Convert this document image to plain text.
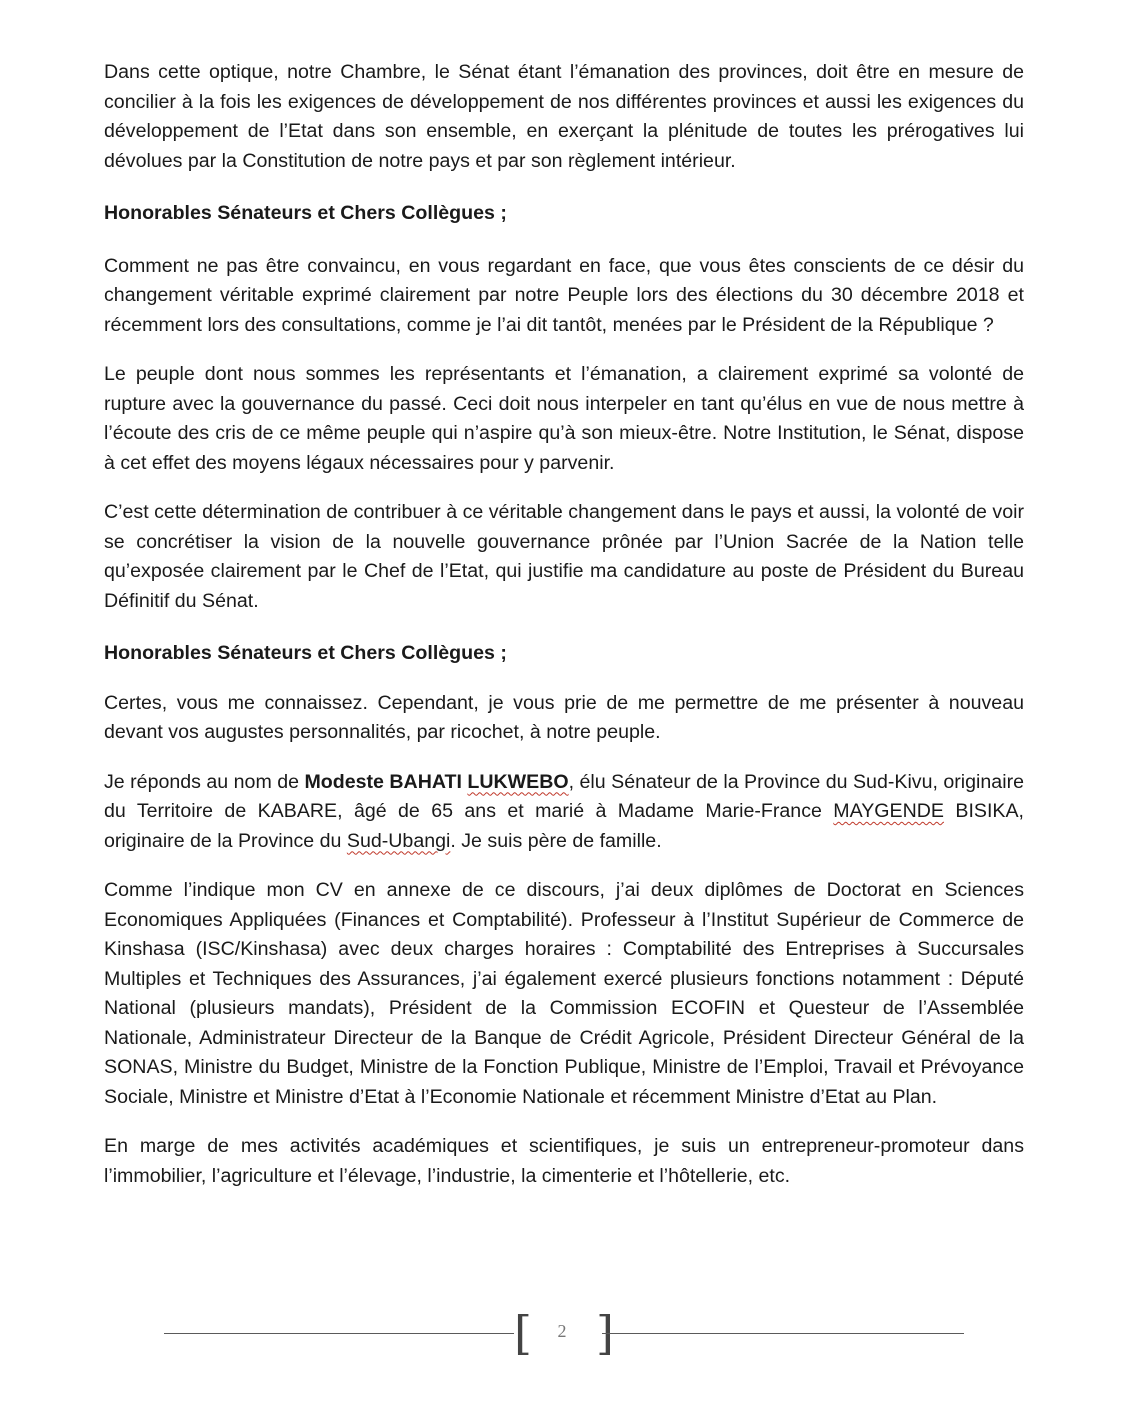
Dans cette optique, notre Chambre, le Sénat étant l’émanation des provinces, doit être en mesure de concilier à la fois les exigences de développement de nos différentes provinces et aussi les exigences du développement de l’Etat dans son ensemble, en exerçant la plénitude de toutes les prérogatives lui dévolues par la Constitution de notre pays et par son règlement intérieur.

Honorables Sénateurs et Chers Collègues ;

Comment ne pas être convaincu, en vous regardant en face, que vous êtes conscients de ce désir du changement véritable exprimé clairement par notre Peuple lors des élections du 30 décembre 2018 et récemment lors des consultations, comme je l’ai dit tantôt, menées par le Président de la République ?

Le peuple dont nous sommes les représentants et l’émanation, a clairement exprimé sa volonté de rupture avec la gouvernance du passé. Ceci doit nous interpeler en tant qu’élus en vue de nous mettre à l’écoute des cris de ce même peuple qui n’aspire qu’à son mieux-être. Notre Institution, le Sénat, dispose à cet effet des moyens légaux nécessaires pour y parvenir.

C’est cette détermination de contribuer à ce véritable changement dans le pays et aussi, la volonté de voir se concrétiser la vision de la nouvelle gouvernance prônée par l’Union Sacrée de la Nation telle qu’exposée clairement par le Chef de l’Etat, qui justifie ma candidature au poste de Président du Bureau Définitif du Sénat.

Honorables Sénateurs et Chers Collègues ;

Certes, vous me connaissez. Cependant, je vous prie de me permettre de me présenter à nouveau devant vos augustes personnalités, par ricochet, à notre peuple.

Je réponds au nom de Modeste BAHATI LUKWEBO, élu Sénateur de la Province du Sud-Kivu, originaire du Territoire de KABARE, âgé de 65 ans et marié à Madame Marie-France MAYGENDE BISIKA, originaire de la Province du Sud-Ubangi. Je suis père de famille.

Comme l’indique mon CV en annexe de ce discours, j’ai deux diplômes de Doctorat en Sciences Economiques Appliquées (Finances et Comptabilité). Professeur à l’Institut Supérieur de Commerce de Kinshasa (ISC/Kinshasa) avec deux charges horaires : Comptabilité des Entreprises à Succursales Multiples et Techniques des Assurances, j’ai également exercé plusieurs fonctions notamment : Député National (plusieurs mandats), Président de la Commission ECOFIN et Questeur de l’Assemblée Nationale, Administrateur Directeur de la Banque de Crédit Agricole, Président Directeur Général de la SONAS, Ministre du Budget, Ministre de la Fonction Publique, Ministre de l’Emploi, Travail et Prévoyance Sociale, Ministre et Ministre d’Etat à l’Economie Nationale et récemment Ministre d’Etat au Plan.

En marge de mes activités académiques et scientifiques, je suis un entrepreneur-promoteur dans l’immobilier, l’agriculture et l’élevage, l’industrie, la cimenterie et l’hôtellerie, etc.

[	2 ]
